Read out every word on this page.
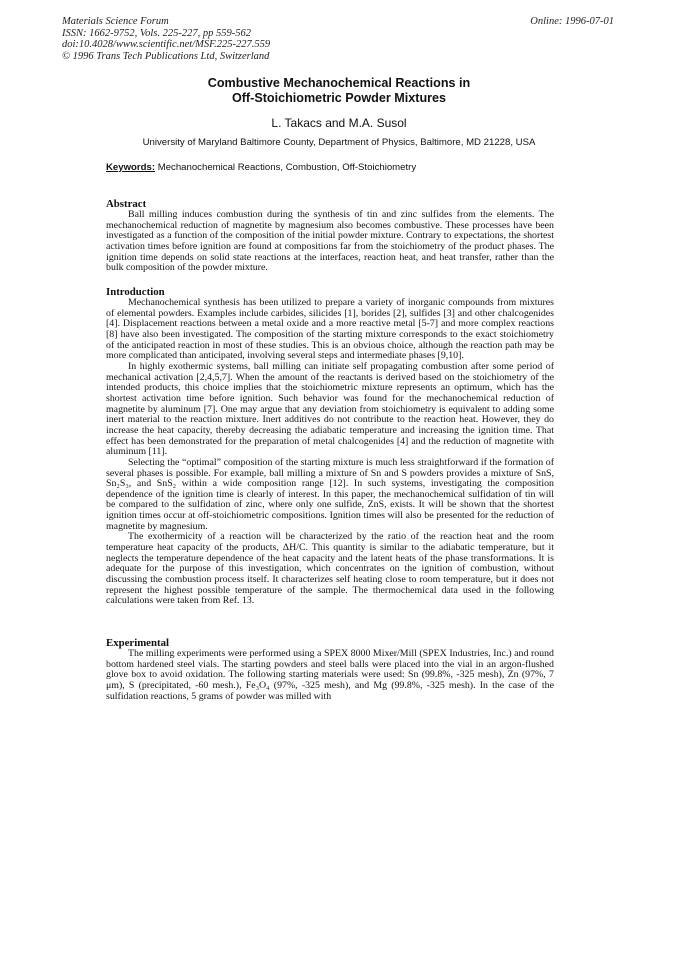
Materials Science Forum
ISSN: 1662-9752, Vols. 225-227, pp 559-562
doi:10.4028/www.scientific.net/MSF.225-227.559
© 1996 Trans Tech Publications Ltd, Switzerland
Online: 1996-07-01
Combustive Mechanochemical Reactions in
Off-Stoichiometric Powder Mixtures
L. Takacs and M.A. Susol
University of Maryland Baltimore County, Department of Physics, Baltimore, MD 21228, USA
Keywords: Mechanochemical Reactions, Combustion, Off-Stoichiometry
Abstract

Ball milling induces combustion during the synthesis of tin and zinc sulfides from the elements. The mechanochemical reduction of magnetite by magnesium also becomes combustive. These processes have been investigated as a function of the composition of the initial powder mixture. Contrary to expectations, the shortest activation times before ignition are found at compositions far from the stoichiometry of the product phases. The ignition time depends on solid state reactions at the interfaces, reaction heat, and heat transfer, rather than the bulk composition of the powder mixture.

Introduction

Mechanochemical synthesis has been utilized to prepare a variety of inorganic compounds from mixtures of elemental powders. Examples include carbides, silicides [1], borides [2], sulfides [3] and other chalcogenides [4]. Displacement reactions between a metal oxide and a more reactive metal [5-7] and more complex reactions [8] have also been investigated. The composition of the starting mixture corresponds to the exact stoichiometry of the anticipated reaction in most of these studies. This is an obvious choice, although the reaction path may be more complicated than anticipated, involving several steps and intermediate phases [9,10].

In highly exothermic systems, ball milling can initiate self propagating combustion after some period of mechanical activation [2,4,5,7]. When the amount of the reactants is derived based on the stoichiometry of the intended products, this choice implies that the stoichiometric mixture represents an optimum, which has the shortest activation time before ignition. Such behavior was found for the mechanochemical reduction of magnetite by aluminum [7]. One may argue that any deviation from stoichiometry is equivalent to adding some inert material to the reaction mixture. Inert additives do not contribute to the reaction heat. However, they do increase the heat capacity, thereby decreasing the adiabatic temperature and increasing the ignition time. That effect has been demonstrated for the preparation of metal chalcogenides [4] and the reduction of magnetite with aluminum [11].

Selecting the “optimal” composition of the starting mixture is much less straightforward if the formation of several phases is possible. For example, ball milling a mixture of Sn and S powders provides a mixture of SnS, Sn₂S₃, and SnS₂ within a wide composition range [12]. In such systems, investigating the composition dependence of the ignition time is clearly of interest. In this paper, the mechanochemical sulfidation of tin will be compared to the sulfidation of zinc, where only one sulfide, ZnS, exists. It will be shown that the shortest ignition times occur at off-stoichiometric compositions. Ignition times will also be presented for the reduction of magnetite by magnesium.

The exothermicity of a reaction will be characterized by the ratio of the reaction heat and the room temperature heat capacity of the products, ΔH/C. This quantity is similar to the adiabatic temperature, but it neglects the temperature dependence of the heat capacity and the latent heats of the phase transformations. It is adequate for the purpose of this investigation, which concentrates on the ignition of combustion, without discussing the combustion process itself. It characterizes self heating close to room temperature, but it does not represent the highest possible temperature of the sample. The thermochemical data used in the following calculations were taken from Ref. 13.

Experimental

The milling experiments were performed using a SPEX 8000 Mixer/Mill (SPEX Industries, Inc.) and round bottom hardened steel vials. The starting powders and steel balls were placed into the vial in an argon-flushed glove box to avoid oxidation. The following starting materials were used: Sn (99.8%, -325 mesh), Zn (97%, 7 μm), S (precipitated, -60 mesh.), Fe₃O₄ (97%, -325 mesh), and Mg (99.8%, -325 mesh). In the case of the sulfidation reactions, 5 grams of powder was milled with
